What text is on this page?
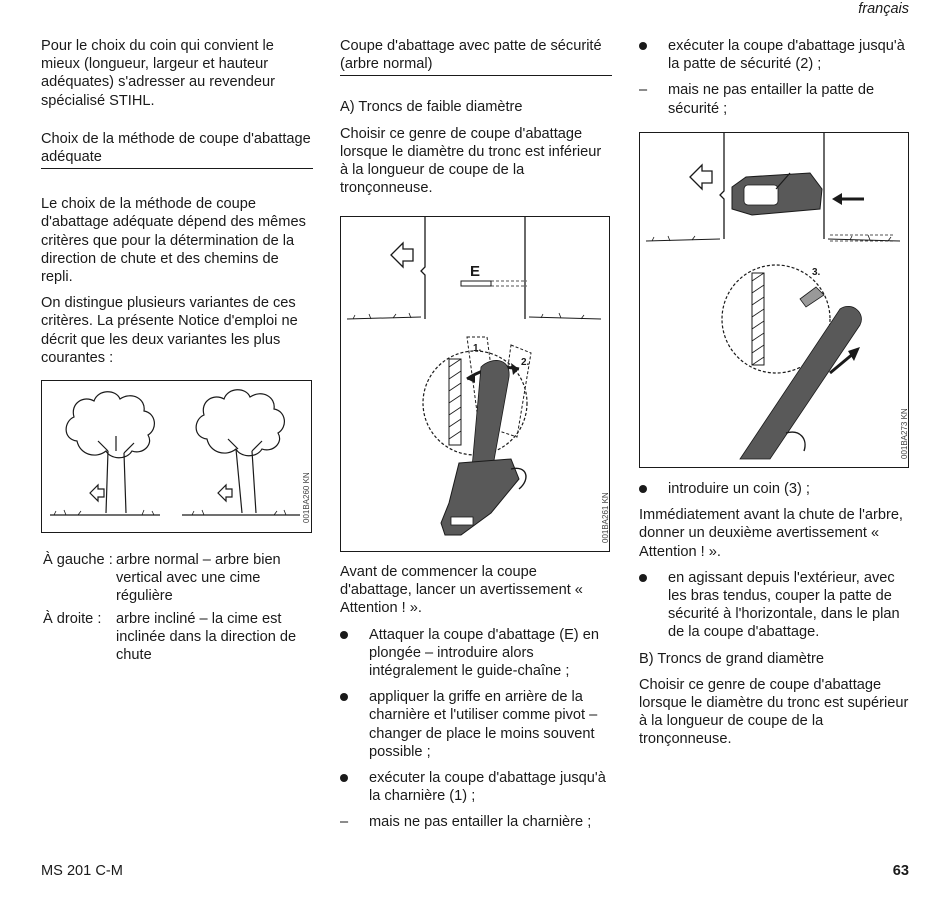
français

Pour le choix du coin qui convient le mieux (longueur, largeur et hauteur adéquates) s'adresser au revendeur spécialisé STIHL.

Choix de la méthode de coupe d'abattage adéquate

Le choix de la méthode de coupe d'abattage adéquate dépend des mêmes critères que pour la détermination de la direction de chute et des chemins de repli.

On distingue plusieurs variantes de ces critères. La présente Notice d'emploi ne décrit que les deux variantes les plus courantes :

001BA260 KN
À gauche : arbre normal – arbre bien vertical avec une cime régulière
À droite : arbre incliné – la cime est inclinée dans la direction de chute
Coupe d'abattage avec patte de sécurité (arbre normal)
A) Troncs de faible diamètre

Choisir ce genre de coupe d'abattage lorsque le diamètre du tronc est inférieur à la longueur de coupe de la tronçonneuse.

E
1.
2.
001BA261 KN

Avant de commencer la coupe d'abattage, lancer un avertissement « Attention ! ».

Attaquer la coupe d'abattage (E) en plongée – introduire alors intégralement le guide-chaîne ;
appliquer la griffe en arrière de la charnière et l'utiliser comme pivot – changer de place le moins souvent possible ;
exécuter la coupe d'abattage jusqu'à la charnière (1) ;
–	mais ne pas entailler la charnière ;
exécuter la coupe d'abattage jusqu'à la patte de sécurité (2) ;
–	mais ne pas entailler la patte de sécurité ;
3.
001BA273 KN
introduire un coin (3) ;

Immédiatement avant la chute de l'arbre, donner un deuxième avertissement « Attention ! ».

en agissant depuis l'extérieur, avec les bras tendus, couper la patte de sécurité à l'horizontale, dans le plan de la coupe d'abattage.
B) Troncs de grand diamètre

Choisir ce genre de coupe d'abattage lorsque le diamètre du tronc est supérieur à la longueur de coupe de la tronçonneuse.

MS 201 C-M	63
